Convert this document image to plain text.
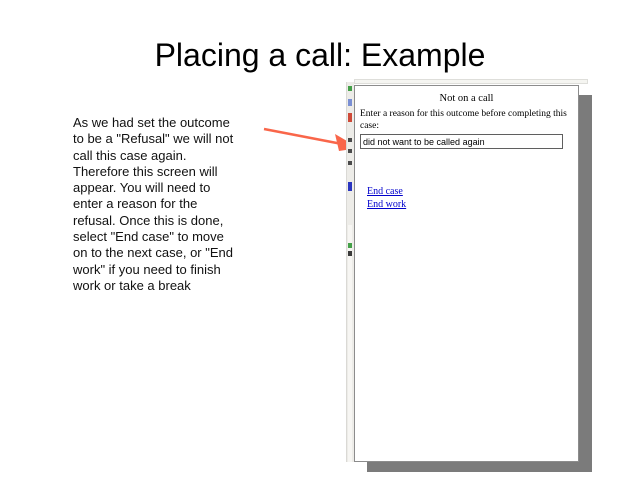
Placing a call: Example
As we had set the outcome
to be a "Refusal" we will not
call this case again.
Therefore this screen will
appear. You will need to
enter a reason for the
refusal. Once this is done,
select "End case" to move
on to the next case, or "End
work" if you need to finish
work or take a break
Not on a call
Enter a reason for this outcome before completing this
case:
did not want to be called again
End case
End work
